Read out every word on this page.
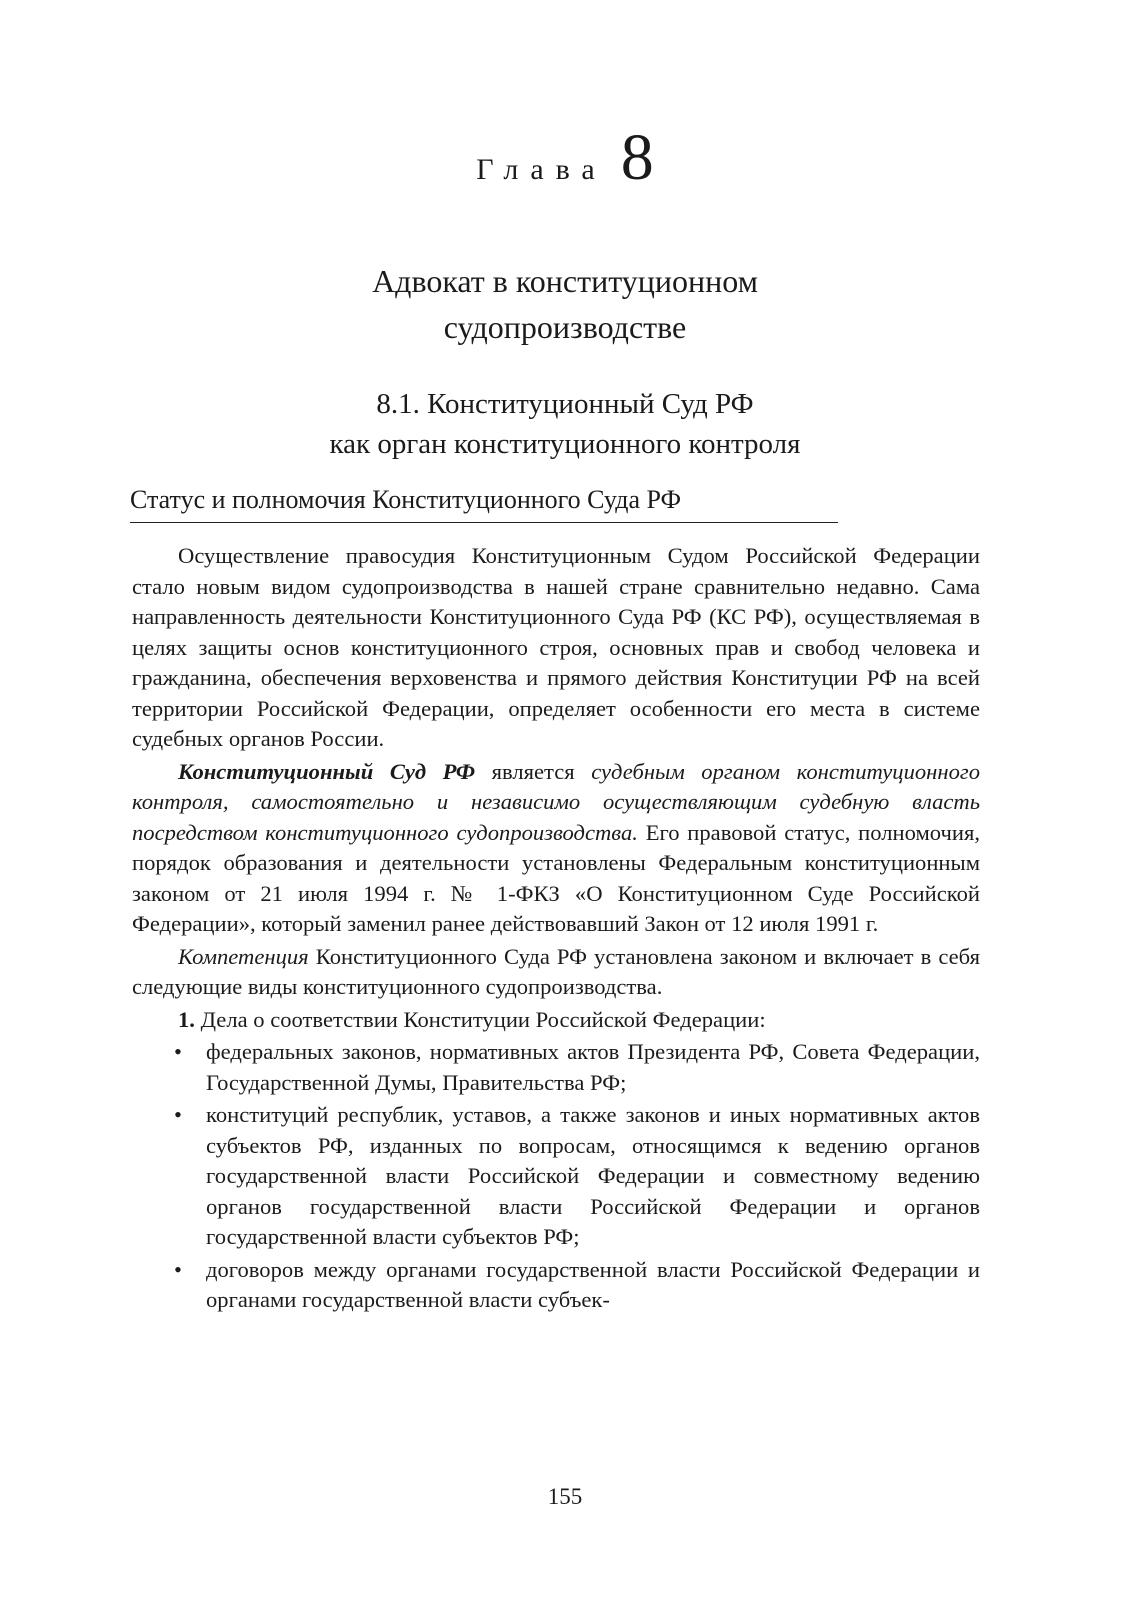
Глава 8
Адвокат в конституционном
судопроизводстве
8.1. Конституционный Суд РФ
как орган конституционного контроля
Статус и полномочия Конституционного Суда РФ

Осуществление правосудия Конституционным Судом Российской Федерации стало новым видом судопроизводства в нашей стране сравнительно недавно. Сама направленность деятельности Конституционного Суда РФ (КС РФ), осуществляемая в целях защиты основ конституционного строя, основных прав и свобод человека и гражданина, обеспечения верховенства и прямого действия Конституции РФ на всей территории Российской Федерации, определяет особенности его места в системе судебных органов России.

Конституционный Суд РФ является судебным органом конституционного контроля, самостоятельно и независимо осуществляющим судебную власть посредством конституционного судопроизводства. Его правовой статус, полномочия, порядок образования и деятельности установлены Федеральным конституционным законом от 21 июля 1994 г. № 1-ФКЗ «О Конституционном Суде Российской Федерации», который заменил ранее действовавший Закон от 12 июля 1991 г.

Компетенция Конституционного Суда РФ установлена законом и включает в себя следующие виды конституционного судопроизводства.

1. Дела о соответствии Конституции Российской Федерации:
• федеральных законов, нормативных актов Президента РФ, Совета Федерации, Государственной Думы, Правительства РФ;
• конституций республик, уставов, а также законов и иных нормативных актов субъектов РФ, изданных по вопросам, относящимся к ведению органов государственной власти Российской Федерации и совместному ведению органов государственной власти Российской Федерации и органов государственной власти субъектов РФ;
• договоров между органами государственной власти Российской Федерации и органами государственной власти субъек-
155
